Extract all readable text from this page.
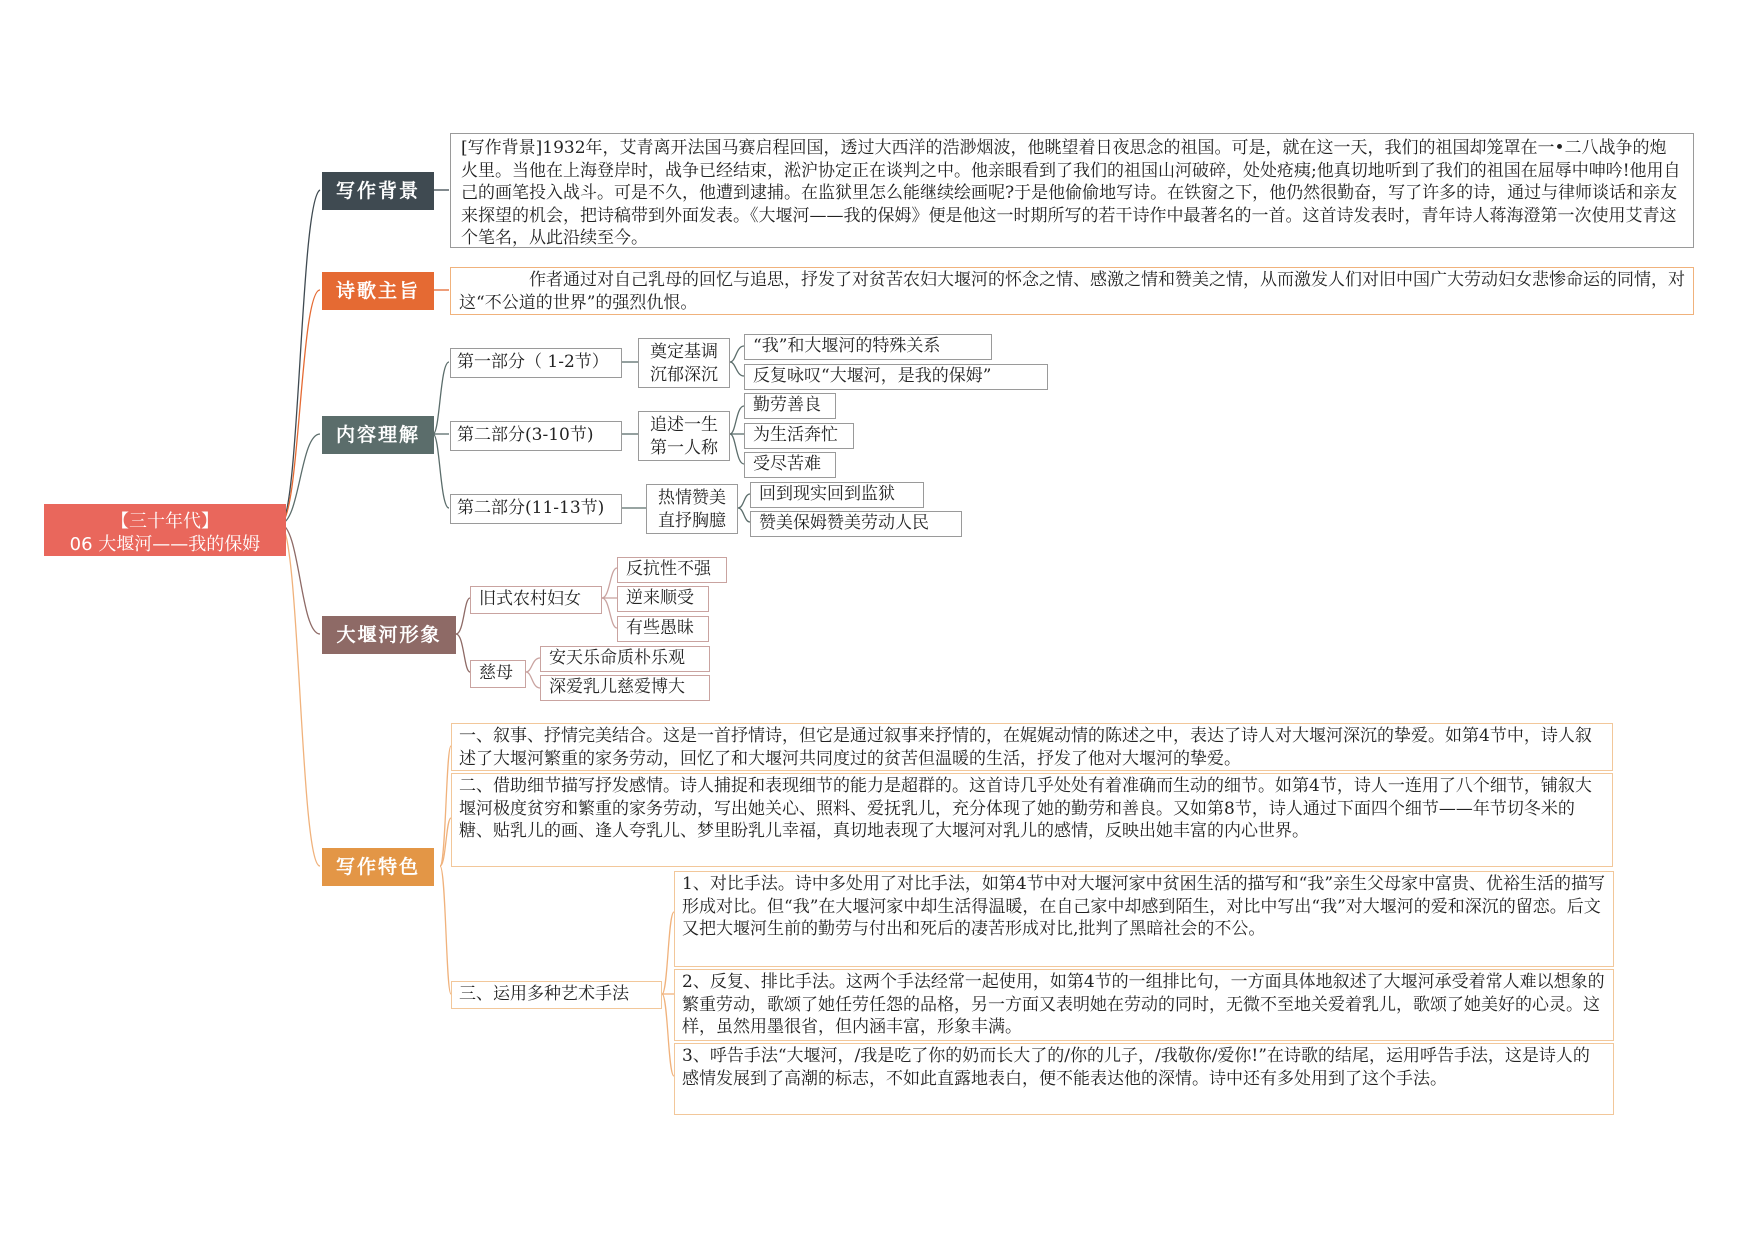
【三十年代】
06 大堰河——我的保姆
写作背景
[写作背景]1932年，艾青离开法国马赛启程回国，透过大西洋的浩渺烟波，他眺望着日夜思念的祖国。可是，就在这一天，我们的祖国却笼罩在一•二八战争的炮火里。当他在上海登岸时，战争已经结束，淞沪协定正在谈判之中。他亲眼看到了我们的祖国山河破碎，处处疮痍;他真切地听到了我们的祖国在屈辱中呻吟!他用自己的画笔投入战斗。可是不久，他遭到逮捕。在监狱里怎么能继续绘画呢?于是他偷偷地写诗。在铁窗之下，他仍然很勤奋，写了许多的诗，通过与律师谈话和亲友来探望的机会，把诗稿带到外面发表。《大堰河——我的保姆》便是他这一时期所写的若干诗作中最著名的一首。这首诗发表时，青年诗人蒋海澄第一次使用艾青这个笔名，从此沿续至今。
诗歌主旨	作者通过对自己乳母的回忆与追思，抒发了对贫苦农妇大堰河的怀念之情、感激之情和赞美之情，从而激发人们对旧中国广大劳动妇女悲惨命运的同情，对这“不公道的世界”的强烈仇恨。
内容理解
第一部分（ 1-2节）	奠定基调
沉郁深沉
“我”和大堰河的特殊关系
反复咏叹“大堰河，是我的保姆”
第二部分(3-10节)	追述一生
第一人称
勤劳善良
为生活奔忙
受尽苦难
第二部分(11-13节)	热情赞美
直抒胸臆
回到现实回到监狱
赞美保姆赞美劳动人民
大堰河形象
旧式农村妇女
反抗性不强
逆来顺受
有些愚昧
慈母
安天乐命质朴乐观
深爱乳儿慈爱博大
写作特色
一、叙事、抒情完美结合。这是一首抒情诗，但它是通过叙事来抒情的，在娓娓动情的陈述之中，表达了诗人对大堰河深沉的挚爱。如第4节中，诗人叙述了大堰河繁重的家务劳动，回忆了和大堰河共同度过的贫苦但温暖的生活，抒发了他对大堰河的挚爱。
二、借助细节描写抒发感情。诗人捕捉和表现细节的能力是超群的。这首诗几乎处处有着准确而生动的细节。如第4节，诗人一连用了八个细节，铺叙大堰河极度贫穷和繁重的家务劳动，写出她关心、照料、爱抚乳儿，充分体现了她的勤劳和善良。又如第8节，诗人通过下面四个细节——年节切冬米的糖、贴乳儿的画、逢人夸乳儿、梦里盼乳儿幸福，真切地表现了大堰河对乳儿的感情，反映出她丰富的内心世界。
三、运用多种艺术手法
1、对比手法。诗中多处用了对比手法，如第4节中对大堰河家中贫困生活的描写和“我”亲生父母家中富贵、优裕生活的描写形成对比。但“我”在大堰河家中却生活得温暖，在自己家中却感到陌生，对比中写出“我”对大堰河的爱和深沉的留恋。后文又把大堰河生前的勤劳与付出和死后的凄苦形成对比,批判了黑暗社会的不公。
2、反复、排比手法。这两个手法经常一起使用，如第4节的一组排比句，一方面具体地叙述了大堰河承受着常人难以想象的繁重劳动，歌颂了她任劳任怨的品格，另一方面又表明她在劳动的同时，无微不至地关爱着乳儿，歌颂了她美好的心灵。这样，虽然用墨很省，但内涵丰富，形象丰满。
3、呼告手法“大堰河，/我是吃了你的奶而长大了的/你的儿子，/我敬你/爱你!”在诗歌的结尾，运用呼告手法，这是诗人的感情发展到了高潮的标志，不如此直露地表白，便不能表达他的深情。诗中还有多处用到了这个手法。
